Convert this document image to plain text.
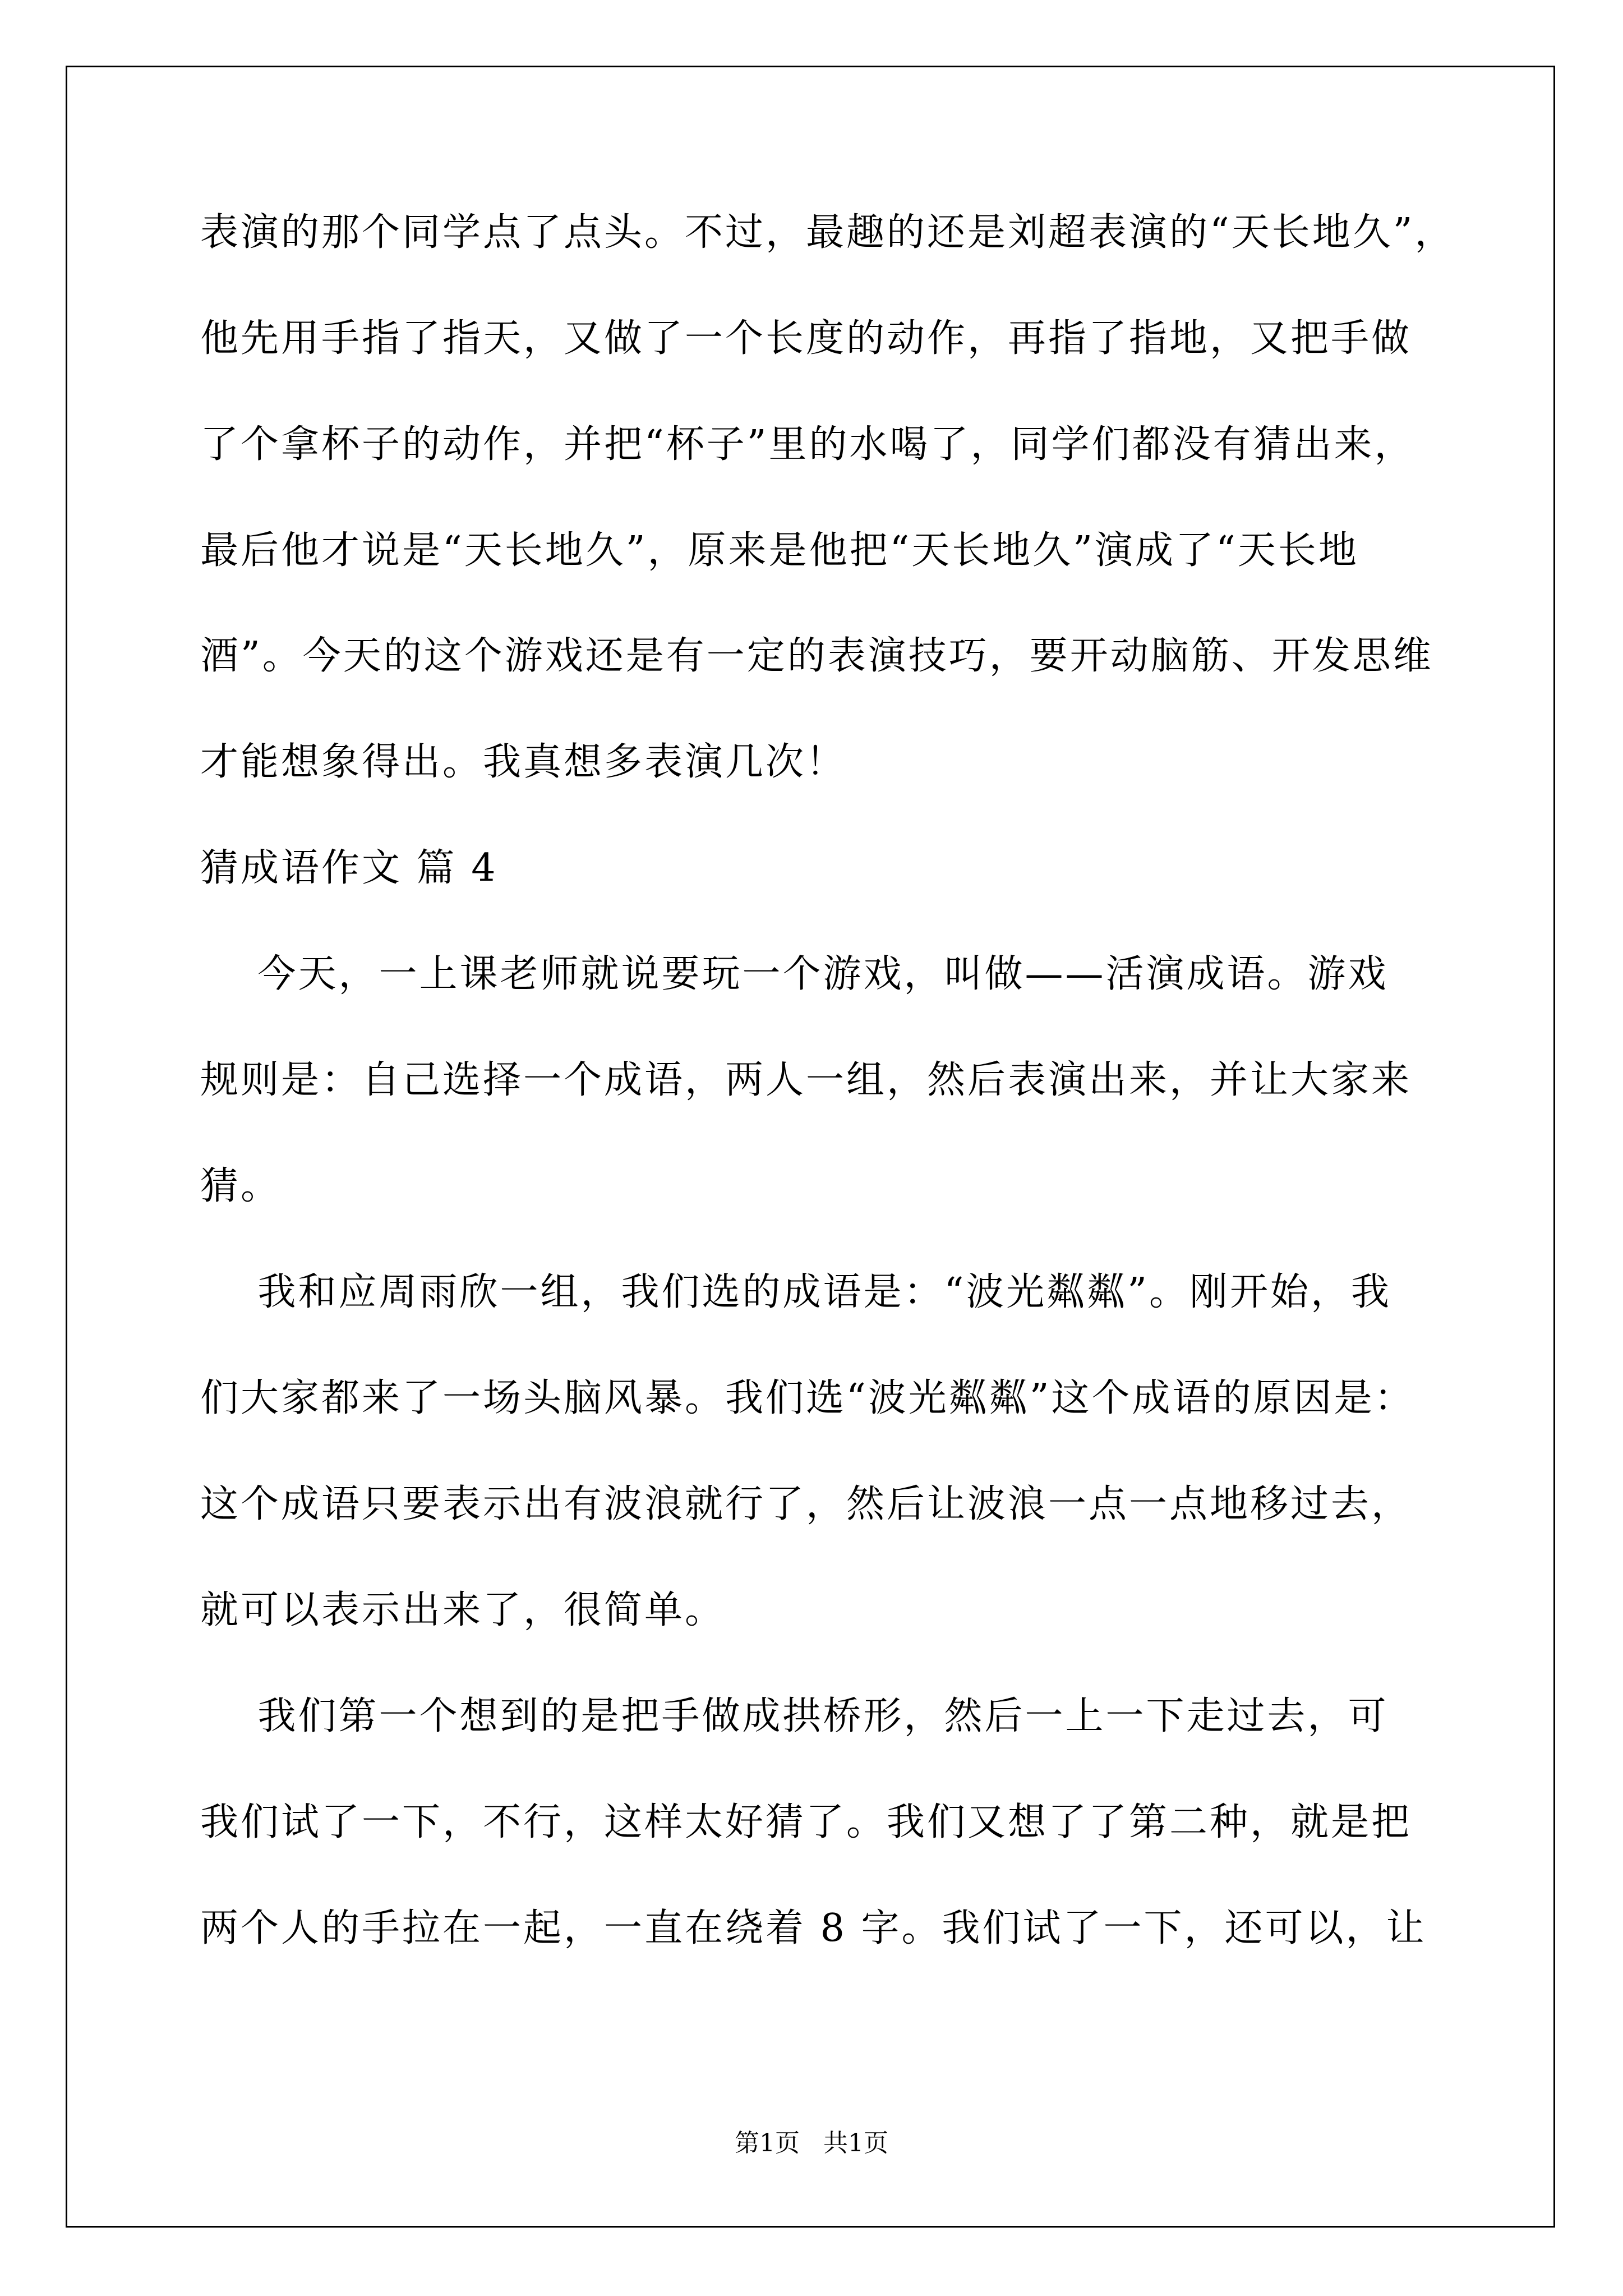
表演的那个同学点了点头。不过，最趣的还是刘超表演的“天长地久”，
他先用手指了指天，又做了一个长度的动作，再指了指地，又把手做
了个拿杯子的动作，并把“杯子”里的水喝了，同学们都没有猜出来，
最后他才说是“天长地久”，原来是他把“天长地久”演成了“天长地
酒”。今天的这个游戏还是有一定的表演技巧，要开动脑筋、开发思维
才能想象得出。我真想多表演几次！
猜成语作文 篇 4
今天，一上课老师就说要玩一个游戏，叫做——活演成语。游戏
规则是：自己选择一个成语，两人一组，然后表演出来，并让大家来
猜。
我和应周雨欣一组，我们选的成语是：“波光粼粼”。刚开始，我
们大家都来了一场头脑风暴。我们选“波光粼粼”这个成语的原因是：
这个成语只要表示出有波浪就行了，然后让波浪一点一点地移过去，
就可以表示出来了，很简单。
我们第一个想到的是把手做成拱桥形，然后一上一下走过去，可
我们试了一下，不行，这样太好猜了。我们又想了了第二种，就是把
两个人的手拉在一起，一直在绕着 8 字。我们试了一下，还可以，让
第1页   共1页
